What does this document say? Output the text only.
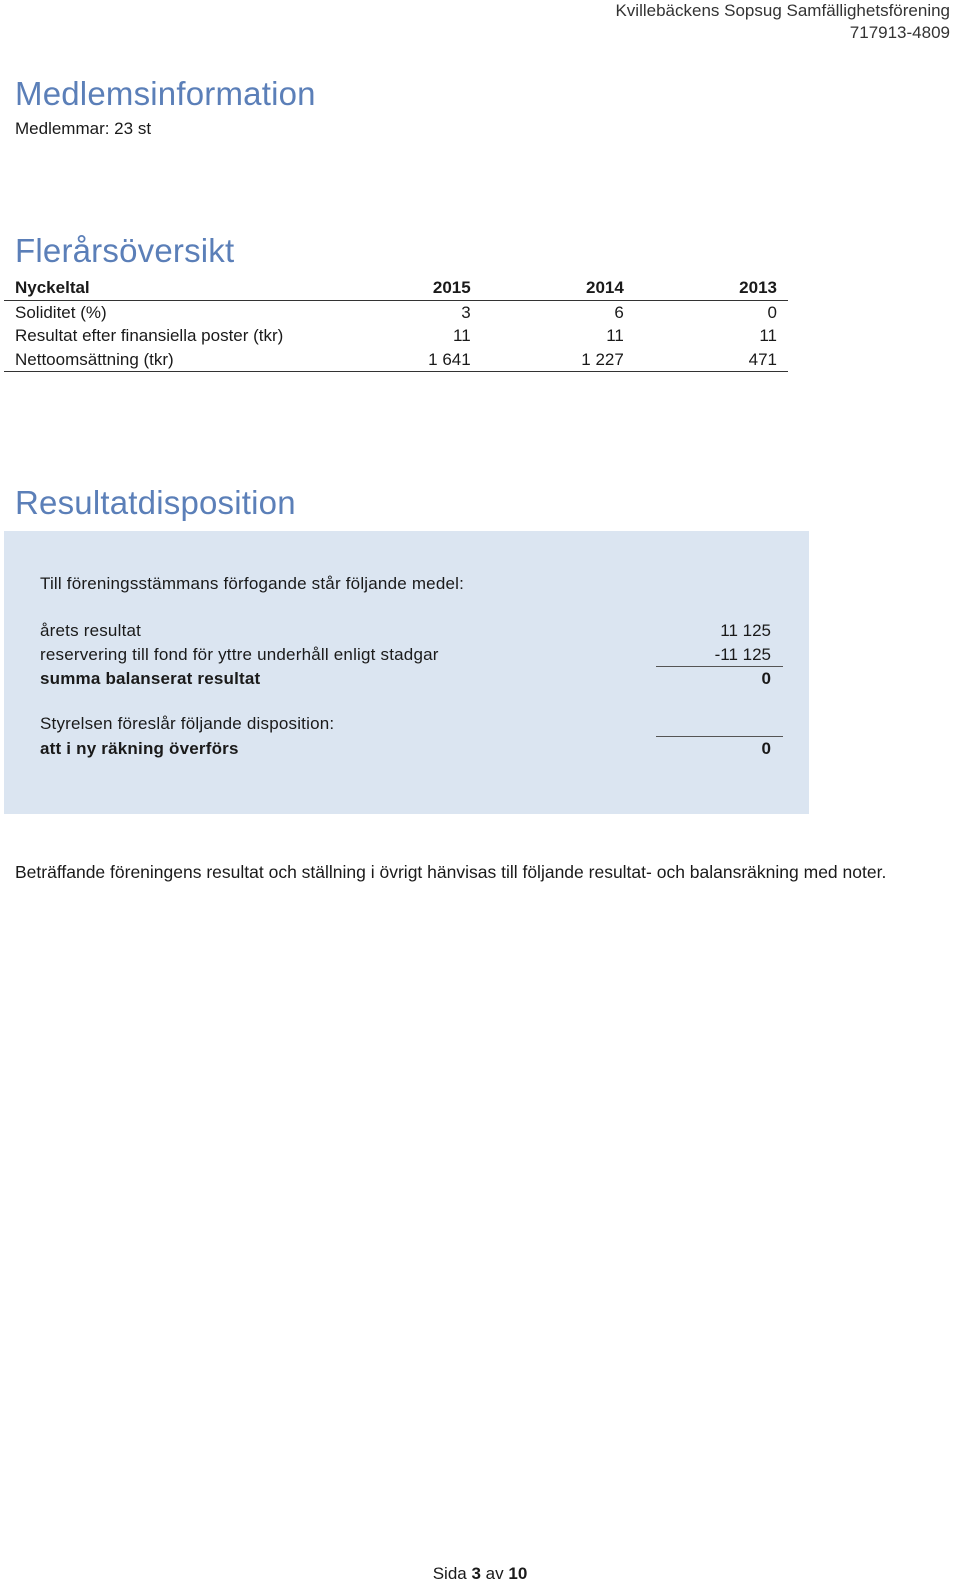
Kvillebäckens Sopsug Samfällighetsförening
717913-4809
Medlemsinformation
Medlemmar: 23 st
Flerårsöversikt
Nyckeltal	2015	2014	2013
Soliditet (%)	3	6	0
Resultat efter finansiella poster (tkr)	11	11	11
Nettoomsättning (tkr)	1 641	1 227	471
Resultatdisposition
Till föreningsstämmans förfogande står följande medel:
årets resultat	11 125
reservering till fond för yttre underhåll enligt stadgar	-11 125
summa balanserat resultat	0
Styrelsen föreslår följande disposition:
att i ny räkning överförs	0
Beträffande föreningens resultat och ställning i övrigt hänvisas till följande resultat- och balansräkning med noter.
Sida 3 av 10
